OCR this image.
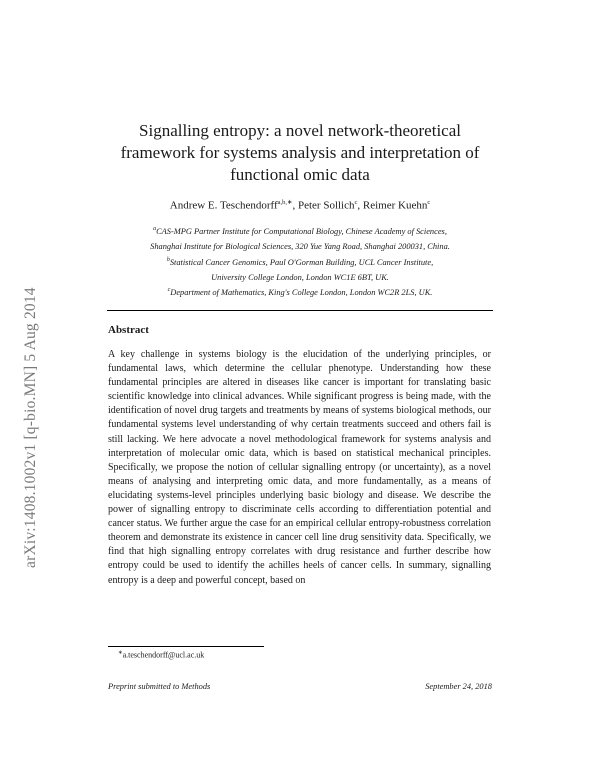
arXiv:1408.1002v1 [q-bio.MN] 5 Aug 2014
Signalling entropy: a novel network-theoretical
framework for systems analysis and interpretation of
functional omic data
Andrew E. Teschendorff$^{a,b,∗}$, Peter Sollich$^c$, Reimer Kuehn$^c$
$^a$CAS-MPG Partner Institute for Computational Biology, Chinese Academy of Sciences,
Shanghai Institute for Biological Sciences, 320 Yue Yang Road, Shanghai 200031, China.
$^b$Statistical Cancer Genomics, Paul O'Gorman Building, UCL Cancer Institute,
University College London, London WC1E 6BT, UK.
$^c$Department of Mathematics, King's College London, London WC2R 2LS, UK.
Abstract
A key challenge in systems biology is the elucidation of the underlying principles, or fundamental laws, which determine the cellular phenotype. Understanding how these fundamental principles are altered in diseases like cancer is important for translating basic scientific knowledge into clinical advances. While significant progress is being made, with the identification of novel drug targets and treatments by means of systems biological methods, our fundamental systems level understanding of why certain treatments succeed and others fail is still lacking. We here advocate a novel methodological framework for systems analysis and interpretation of molecular omic data, which is based on statistical mechanical principles. Specifically, we propose the notion of cellular signalling entropy (or uncertainty), as a novel means of analysing and interpreting omic data, and more fundamentally, as a means of elucidating systems-level principles underlying basic biology and disease. We describe the power of signalling entropy to discriminate cells according to differentiation potential and cancer status. We further argue the case for an empirical cellular entropy-robustness correlation theorem and demonstrate its existence in cancer cell line drug sensitivity data. Specifically, we find that high signalling entropy correlates with drug resistance and further describe how entropy could be used to identify the achilles heels of cancer cells. In summary, signalling entropy is a deep and powerful concept, based on
∗a.teschendorff@ucl.ac.uk
Preprint submitted to Methods	September 24, 2018
